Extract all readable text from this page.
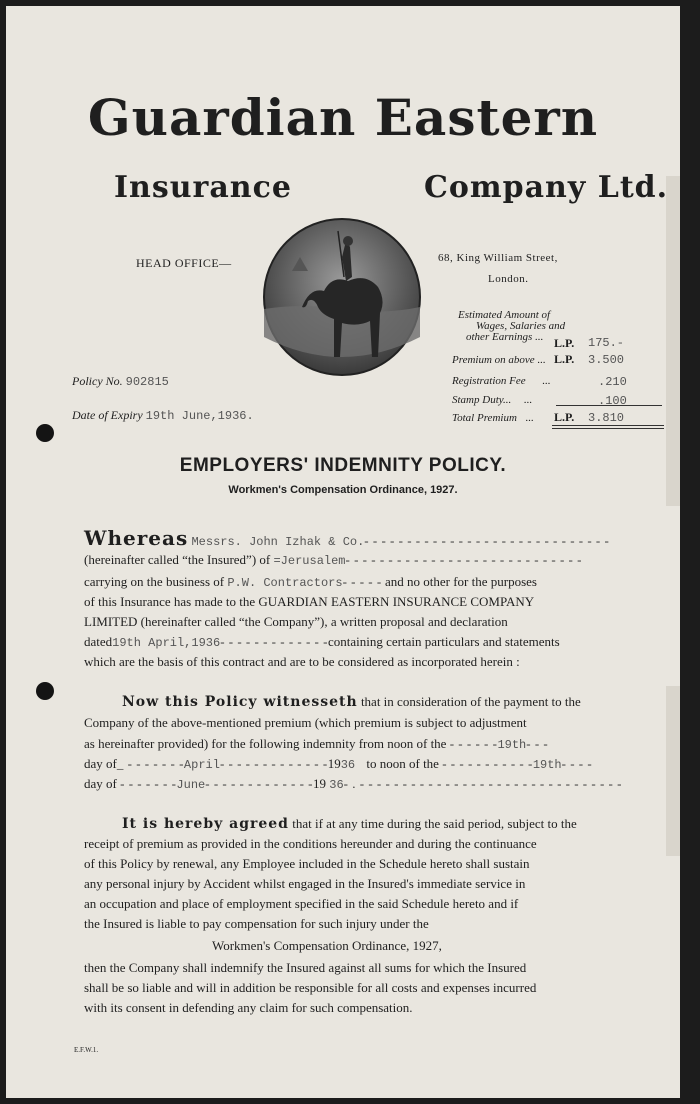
Guardian Eastern
Insurance	Company Ltd.
HEAD OFFICE—	68, King William Street,
London.
Policy No. 902815
Date of Expiry 19th June,1936.
Estimated Amount of
Wages, Salaries and
other Earnings ... L.P. 175.-
Premium on above ... L.P. 3.500
Registration Fee ...	.210
Stamp Duty... ...	.100
Total Premium ... L.P. 3.810
EMPLOYERS' INDEMNITY POLICY.
Workmen's Compensation Ordinance, 1927.
Whereas Messrs. John Izhak & Co.- - - - - - - - - - - - - - - - - - - - - - - - - - - - -
(hereinafter called “the Insured”) of =Jerusalem- - - - - - - - - - - - - - - - - - - - - - - - - - - -
carrying on the business of P.W. Contractors- - - - - and no other for the purposes
of this Insurance has made to the GUARDIAN EASTERN INSURANCE COMPANY
LIMITED (hereinafter called “the Company”), a written proposal and declaration
dated19th April,1936- - - - - - - - - - - - -containing certain particulars and statements
which are the basis of this contract and are to be considered as incorporated herein :
Now this Policy witnesseth that in consideration of the payment to the
Company of the above-mentioned premium (which premium is subject to adjustment
as hereinafter provided) for the following indemnity from noon of the - - - - - -19th- - -
day of_ - - - - - - -April- - - - - - - - - - - - -1936 to noon of the - - - - - - - - - - -19th- - - -
day of - - - - - - -June- - - - - - - - - - - - -19 36- . - - - - - - - - - - - - - - - - - - - - - - - - - - - - - - -
It is hereby agreed that if at any time during the said period, subject to the
receipt of premium as provided in the conditions hereunder and during the continuance
of this Policy by renewal, any Employee included in the Schedule hereto shall sustain
any personal injury by Accident whilst engaged in the Insured's immediate service in
an occupation and place of employment specified in the said Schedule hereto and if
the Insured is liable to pay compensation for such injury under the
Workmen's Compensation Ordinance, 1927,
then the Company shall indemnify the Insured against all sums for which the Insured
shall be so liable and will in addition be responsible for all costs and expenses incurred
with its consent in defending any claim for such compensation.
E.F.W.1.
